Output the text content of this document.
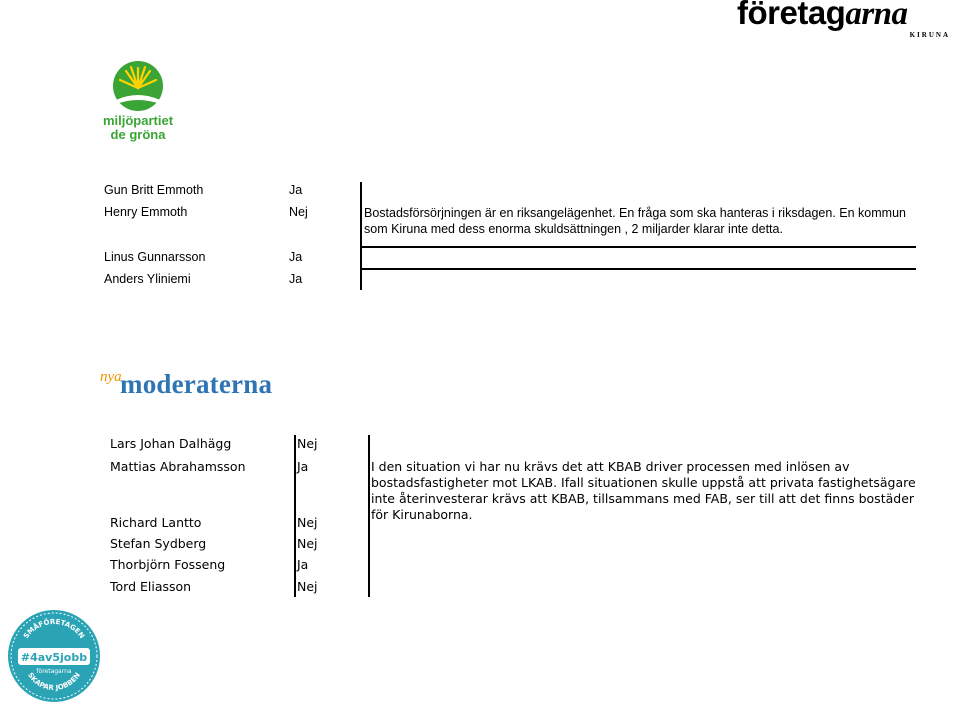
företagarna
KIRUNA
miljöpartiet
de gröna
Gun Britt Emmoth	Ja
Henry Emmoth	Nej	Bostadsförsörjningen är en riksangelägenhet. En fråga som ska hanteras i riksdagen. En kommun som Kiruna med dess enorma skuldsättningen , 2 miljarder klarar inte detta.
Linus Gunnarsson	Ja
Anders Yliniemi	Ja
nya
moderaterna
Lars Johan Dalhägg	Nej
Mattias Abrahamsson	Ja	I den situation vi har nu krävs det att KBAB driver processen med inlösen av bostadsfastigheter mot LKAB. Ifall situationen skulle uppstå att privata fastighetsägare inte återinvesterar krävs att KBAB, tillsammans med FAB, ser till att det finns bostäder för Kirunaborna.
Richard Lantto	Nej
Stefan Sydberg	Nej
Thorbjörn Fosseng	Ja
Tord Eliasson	Nej
SMÅFÖRETAGEN
#4av5jobb
företagarna
SKAPAR JOBBEN
